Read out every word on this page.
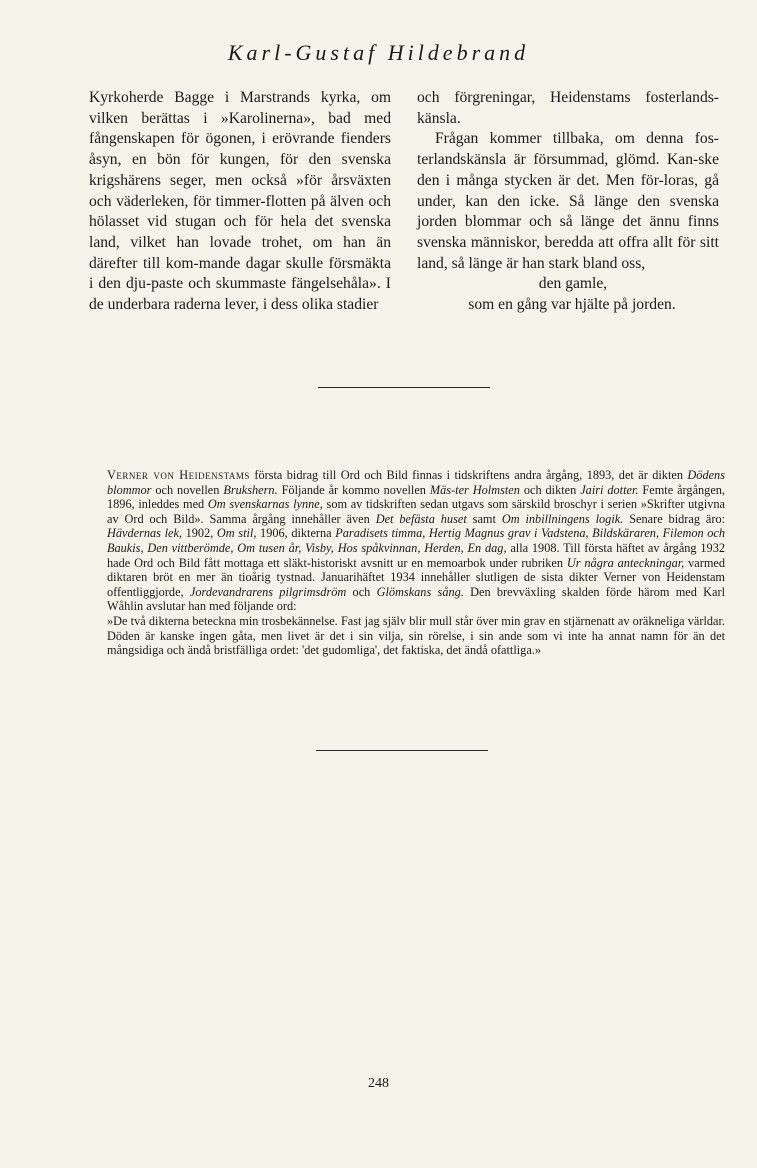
Karl-Gustaf Hildebrand

Kyrkoherde Bagge i Marstrands kyrka, om vilken berättas i »Karolinerna», bad med fångenskapen för ögonen, i erövrande fienders åsyn, en bön för kungen, för den svenska krigshärens seger, men också »för årsväxten och väderleken, för timmer-flotten på älven och hölasset vid stugan och för hela det svenska land, vilket han lovade trohet, om han än därefter till kom-mande dagar skulle försmäkta i den dju-paste och skummaste fängelsehåla». I de underbara raderna lever, i dess olika stadier

och förgreningar, Heidenstams fosterlands-känsla.

Frågan kommer tillbaka, om denna fos-terlandskänsla är försummad, glömd. Kan-ske den i många stycken är det. Men för-loras, gå under, kan den icke. Så länge den svenska jorden blommar och så länge det ännu finns svenska människor, beredda att offra allt för sitt land, så länge är han stark bland oss,

den gamle,

som en gång var hjälte på jorden.

Verner von Heidenstams första bidrag till Ord och Bild finnas i tidskriftens andra årgång, 1893, det är dikten Dödens blommor och novellen Brukshern. Följande år kommo novellen Mäs-ter Holmsten och dikten Jairi dotter. Femte årgången, 1896, inleddes med Om svenskarnas lynne, som av tidskriften sedan utgavs som särskild broschyr i serien »Skrifter utgivna av Ord och Bild». Samma årgång innehåller även Det befästa huset samt Om inbillningens logik. Senare bidrag äro: Hävdernas lek, 1902, Om stil, 1906, dikterna Paradisets timma, Hertig Magnus grav i Vadstena, Bildskäraren, Filemon och Baukis, Den vittberömde, Om tusen år, Visby, Hos spåkvinnan, Herden, En dag, alla 1908. Till första häftet av årgång 1932 hade Ord och Bild fått mottaga ett släkt-historiskt avsnitt ur en memoarbok under rubriken Ur några anteckningar, varmed diktaren bröt en mer än tioårig tystnad. Januarihäftet 1934 innehåller slutligen de sista dikter Verner von Heidenstam offentliggjorde, Jordevandrarens pilgrimsdröm och Glömskans sång. Den brevväxling skalden förde härom med Karl Wåhlin avslutar han med följande ord:

»De två dikterna beteckna min trosbekännelse. Fast jag själv blir mull står över min grav en stjärnenatt av oräkneliga världar. Döden är kanske ingen gåta, men livet är det i sin vilja, sin rörelse, i sin ande som vi inte ha annat namn för än det mångsidiga och ändå bristfälliga ordet: 'det gudomliga', det faktiska, det ändå ofattliga.»

248
